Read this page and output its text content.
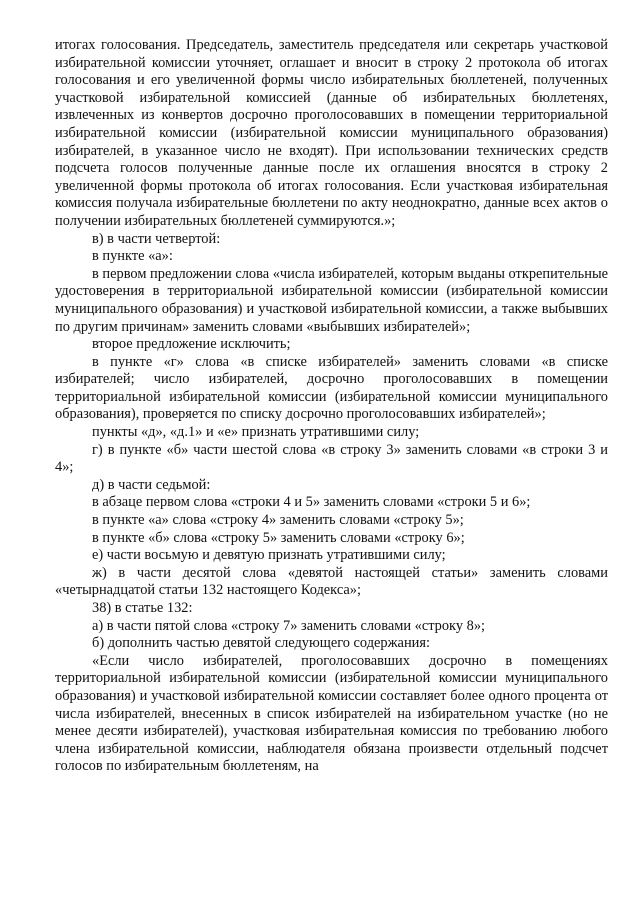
итогах голосования. Председатель, заместитель председателя или секретарь участковой избирательной комиссии уточняет, оглашает и вносит в строку 2 протокола об итогах голосования и его увеличенной формы число избирательных бюллетеней, полученных участковой избирательной комиссией (данные об избирательных бюллетенях, извлеченных из конвертов досрочно проголосовавших в помещении территориальной избирательной комиссии (избирательной комиссии муниципального образования) избирателей, в указанное число не входят). При использовании технических средств подсчета голосов полученные данные после их оглашения вносятся в строку 2 увеличенной формы протокола об итогах голосования. Если участковая избирательная комиссия получала избирательные бюллетени по акту неоднократно, данные всех актов о получении избирательных бюллетеней суммируются.»;

в) в части четвертой:

в пункте «а»:

в первом предложении слова «числа избирателей, которым выданы открепительные удостоверения в территориальной избирательной комиссии (избирательной комиссии муниципального образования) и участковой избирательной комиссии, а также выбывших по другим причинам» заменить словами «выбывших избирателей»;

второе предложение исключить;

в пункте «г» слова «в списке избирателей» заменить словами «в списке избирателей; число избирателей, досрочно проголосовавших в помещении территориальной избирательной комиссии (избирательной комиссии муниципального образования), проверяется по списку досрочно проголосовавших избирателей»;

пункты «д», «д.1» и «е» признать утратившими силу;

г) в пункте «б» части шестой слова «в строку 3» заменить словами «в строки 3 и 4»;

д) в части седьмой:

в абзаце первом слова «строки 4 и 5» заменить словами «строки 5 и 6»;

в пункте «а» слова «строку 4» заменить словами «строку 5»;

в пункте «б» слова «строку 5» заменить словами «строку 6»;

е) части восьмую и девятую признать утратившими силу;

ж) в части десятой слова «девятой настоящей статьи» заменить словами «четырнадцатой статьи 132 настоящего Кодекса»;

38) в статье 132:

а) в части пятой слова «строку 7» заменить словами «строку 8»;

б) дополнить частью девятой следующего содержания:

«Если число избирателей, проголосовавших досрочно в помещениях территориальной избирательной комиссии (избирательной комиссии муниципального образования) и участковой избирательной комиссии составляет более одного процента от числа избирателей, внесенных в список избирателей на избирательном участке (но не менее десяти избирателей), участковая избирательная комиссия по требованию любого члена избирательной комиссии, наблюдателя обязана произвести отдельный подсчет голосов по избирательным бюллетеням, на
